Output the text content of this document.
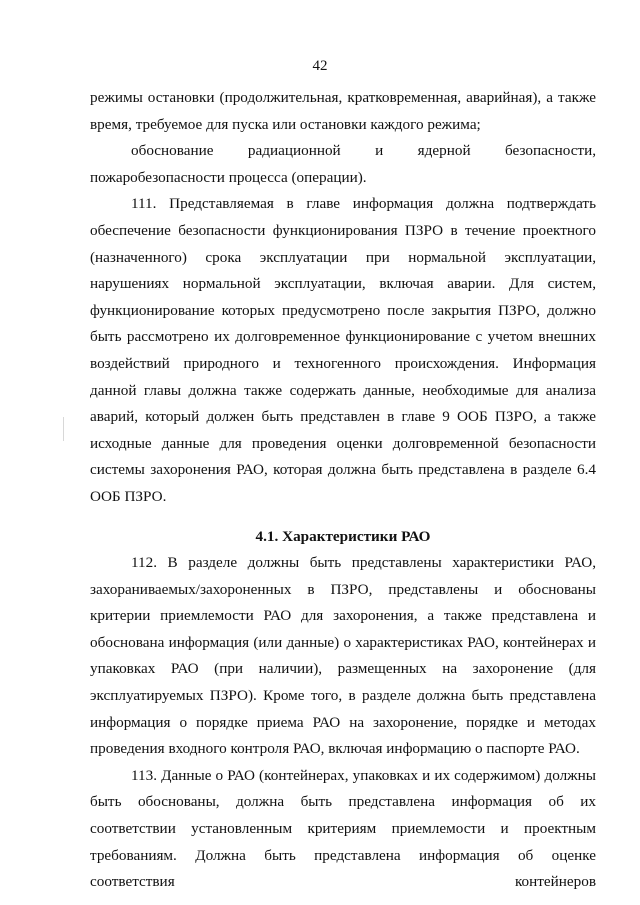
42

режимы остановки (продолжительная, кратковременная, аварийная), а также время, требуемое для пуска или остановки каждого режима;

обоснование радиационной и ядерной безопасности, пожаробезопасности процесса (операции).

111. Представляемая в главе информация должна подтверждать обеспечение безопасности функционирования ПЗРО в течение проектного (назначенного) срока эксплуатации при нормальной эксплуатации, нарушениях нормальной эксплуатации, включая аварии. Для систем, функционирование которых предусмотрено после закрытия ПЗРО, должно быть рассмотрено их долговременное функционирование с учетом внешних воздействий природного и техногенного происхождения. Информация данной главы должна также содержать данные, необходимые для анализа аварий, который должен быть представлен в главе 9 ООБ ПЗРО, а также исходные данные для проведения оценки долговременной безопасности системы захоронения РАО, которая должна быть представлена в разделе 6.4 ООБ ПЗРО.

4.1. Характеристики РАО

112. В разделе должны быть представлены характеристики РАО, захораниваемых/захороненных в ПЗРО, представлены и обоснованы критерии приемлемости РАО для захоронения, а также представлена и обоснована информация (или данные) о характеристиках РАО, контейнерах и упаковках РАО (при наличии), размещенных на захоронение (для эксплуатируемых ПЗРО). Кроме того, в разделе должна быть представлена информация о порядке приема РАО на захоронение, порядке и методах проведения входного контроля РАО, включая информацию о паспорте РАО.

113. Данные о РАО (контейнерах, упаковках и их содержимом) должны быть обоснованы, должна быть представлена информация об их соответствии установленным критериям приемлемости и проектным требованиям. Должна быть представлена информация об оценке соответствия контейнеров
